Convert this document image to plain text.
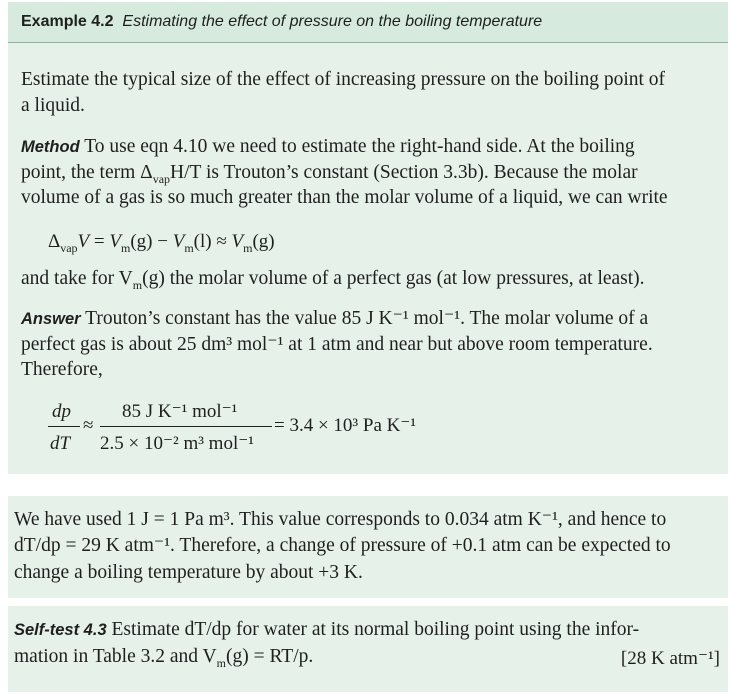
Example 4.2 Estimating the effect of pressure on the boiling temperature
Estimate the typical size of the effect of increasing pressure on the boiling point of
a liquid.
Method To use eqn 4.10 we need to estimate the right-hand side. At the boiling
point, the term $\Delta_{vap}H/T$ is Trouton’s constant (Section 3.3b). Because the molar
volume of a gas is so much greater than the molar volume of a liquid, we can write
$\Delta_{vap}V = V_m(g) - V_m(l) \approx V_m(g)$
and take for $V_m(g)$ the molar volume of a perfect gas (at low pressures, at least).
Answer Trouton’s constant has the value 85 J K⁻¹ mol⁻¹. The molar volume of a
perfect gas is about 25 dm³ mol⁻¹ at 1 atm and near but above room temperature.
Therefore,
dp
dT
≈
85 J K⁻¹ mol⁻¹
2.5 × 10⁻² m³ mol⁻¹
= 3.4 × 10³ Pa K⁻¹
We have used 1 J = 1 Pa m³. This value corresponds to 0.034 atm K⁻¹, and hence to
dT/dp = 29 K atm⁻¹. Therefore, a change of pressure of +0.1 atm can be expected to
change a boiling temperature by about +3 K.
Self-test 4.3 Estimate dT/dp for water at its normal boiling point using the infor-
mation in Table 3.2 and $V_m(g) = RT/p$.	[28 K atm⁻¹]
